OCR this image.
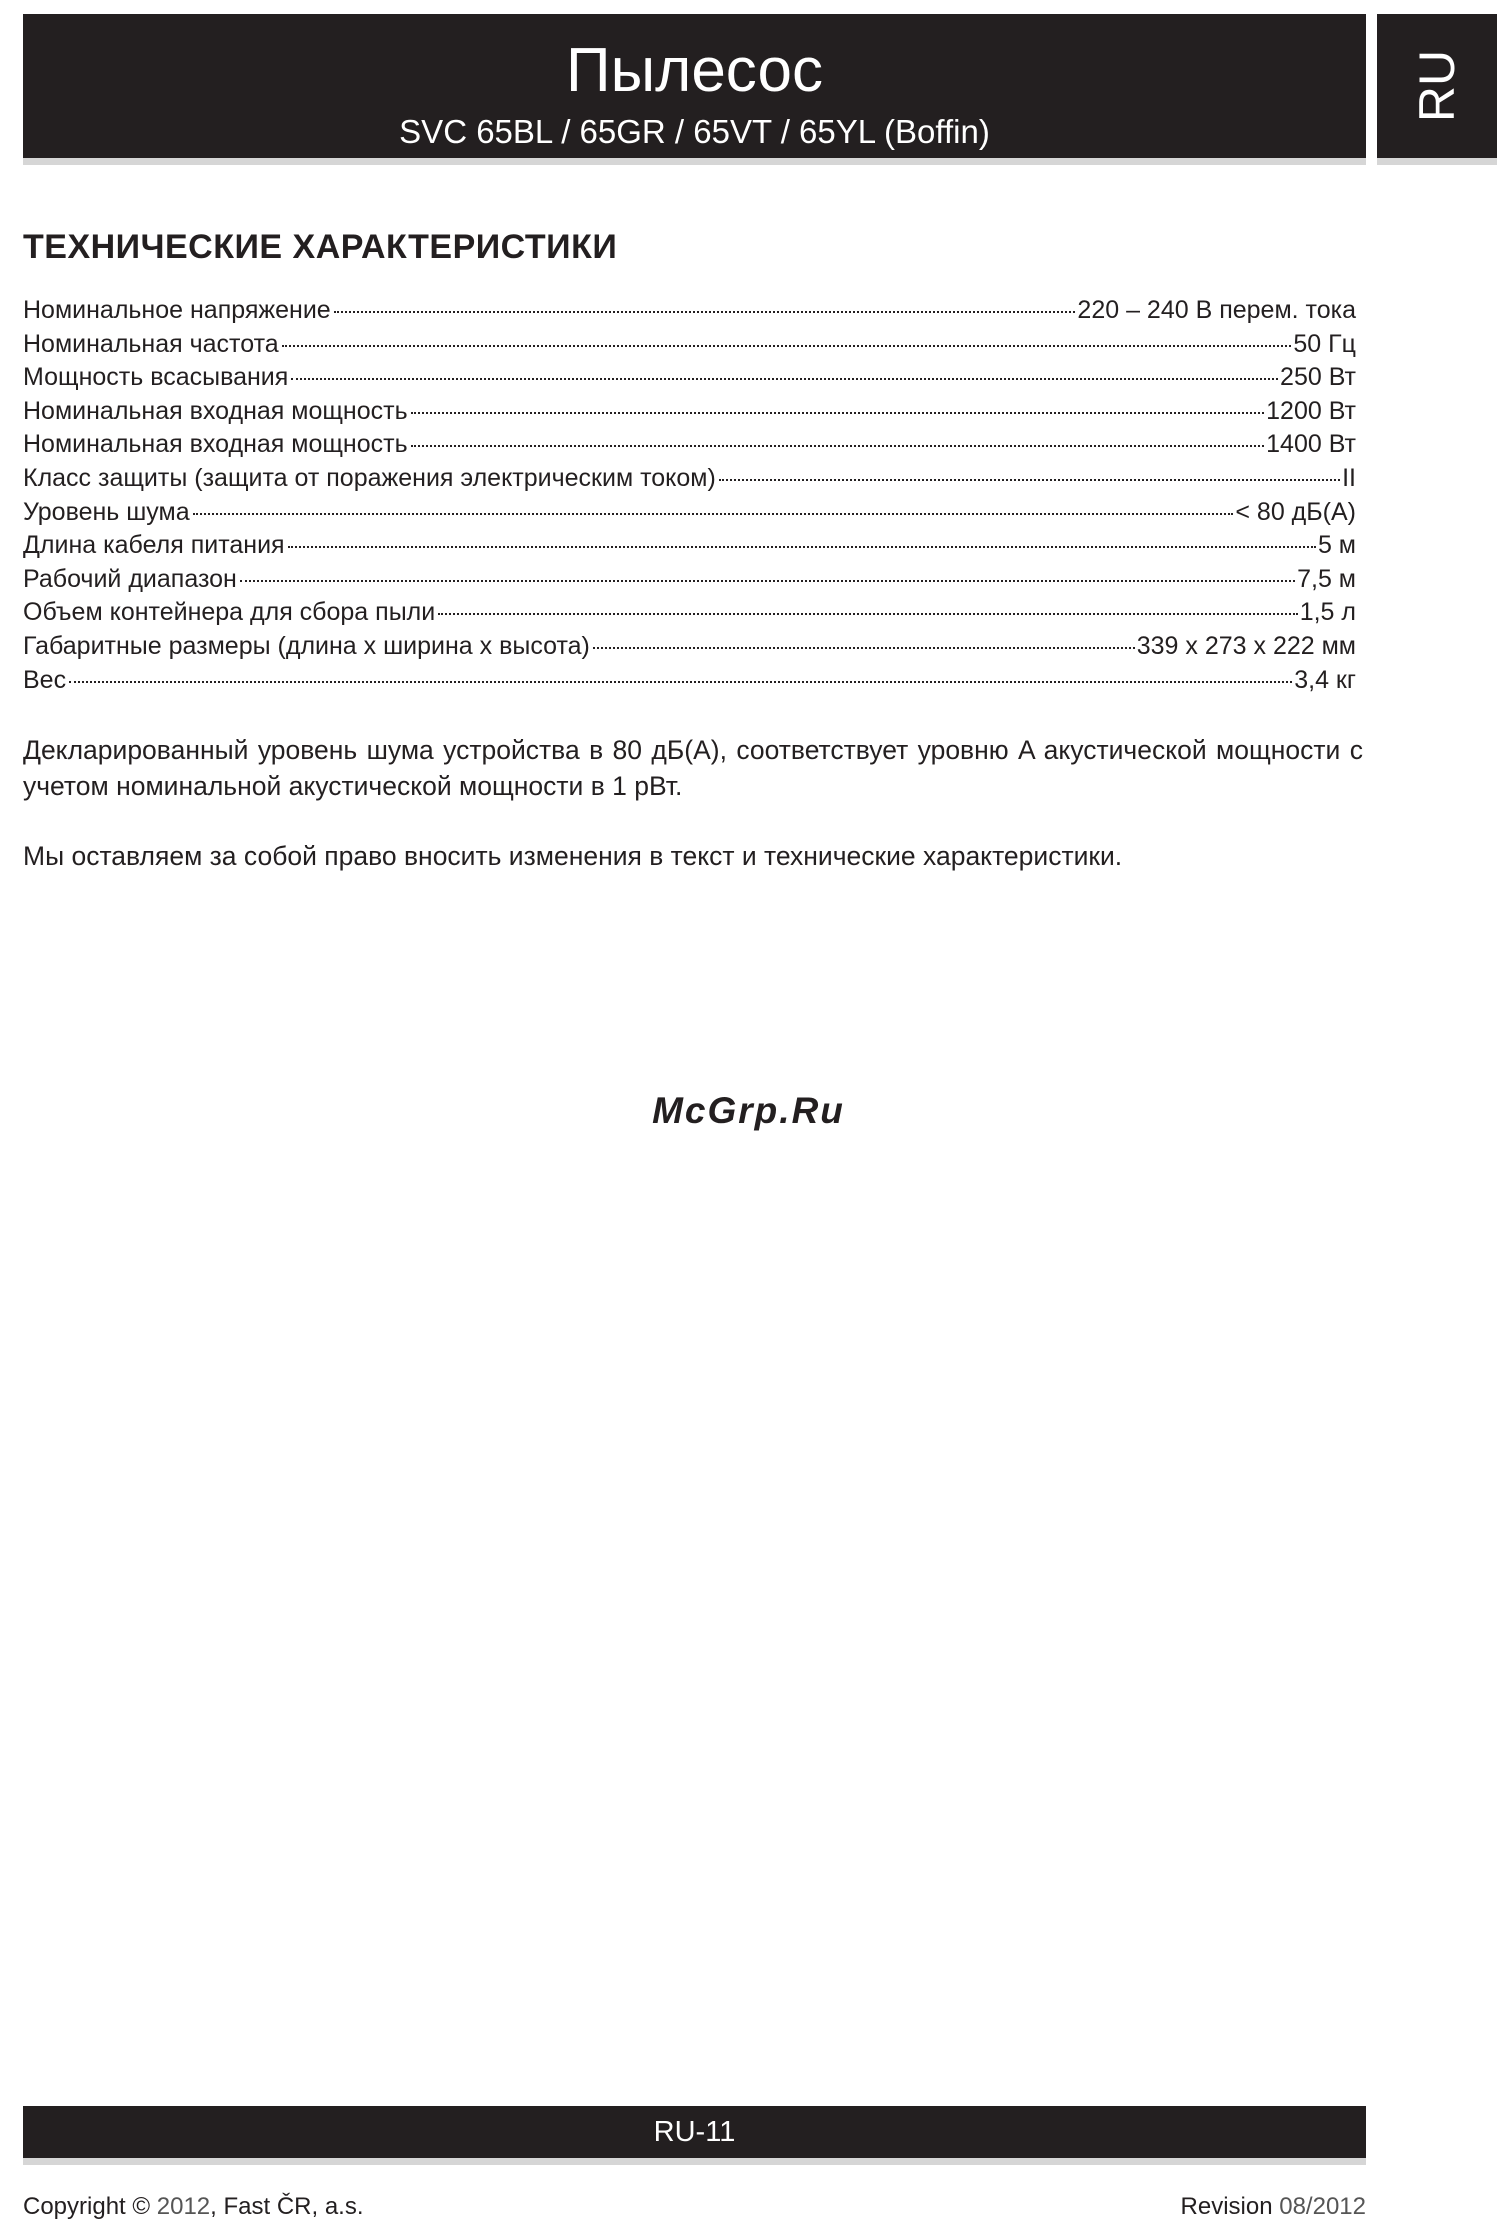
Пылесос
SVC 65BL / 65GR / 65VT / 65YL (Boffin)
RU
ТЕХНИЧЕСКИЕ ХАРАКТЕРИСТИКИ
Номинальное напряжение	220 – 240 В перем. тока
Номинальная частота	50 Гц
Мощность всасывания	250 Вт
Номинальная входная мощность	1200 Вт
Номинальная входная мощность	1400 Вт
Класс защиты (защита от поражения электрическим током)	II
Уровень шума	< 80 дБ(A)
Длина кабеля питания	5 м
Рабочий диапазон	7,5 м
Объем контейнера для сбора пыли	1,5 л
Габаритные размеры (длина x ширина x высота)	339 x 273 x 222 мм
Вес	3,4 кг
Декларированный уровень шума устройства в 80 дБ(A), соответствует уровню A акустической мощности с учетом номинальной акустической мощности в 1 pВт.
Мы оставляем за собой право вносить изменения в текст и технические характеристики.
McGrp.Ru
RU-11
Copyright © 2012, Fast ČR, a.s.	Revision 08/2012
